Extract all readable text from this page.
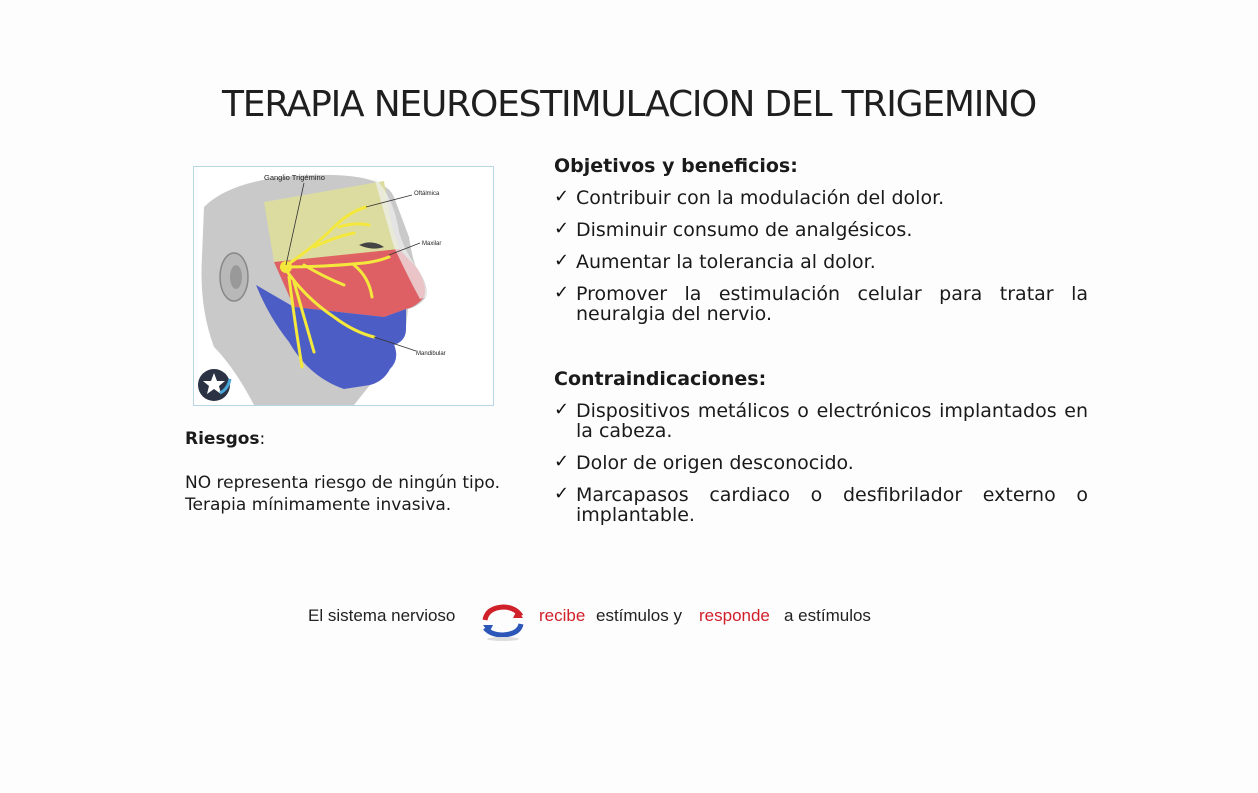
TERAPIA NEUROESTIMULACION DEL TRIGEMINO
Ganglio Trigémino
Oftálmica
Maxilar
Mandibular
Riesgos:
NO representa riesgo de ningún tipo.
Terapia mínimamente invasiva.
Objetivos y beneficios:
✓ Contribuir con la modulación del dolor.
✓ Disminuir consumo de analgésicos.
✓ Aumentar la tolerancia al dolor.
✓ Promover la estimulación celular para tratar la neuralgia del nervio.
Contraindicaciones:
✓ Dispositivos metálicos o electrónicos implantados en la cabeza.
✓ Dolor de origen desconocido.
✓ Marcapasos cardiaco o desfibrilador externo o implantable.
El sistema nervioso	recibe estímulos y responde a estímulos
